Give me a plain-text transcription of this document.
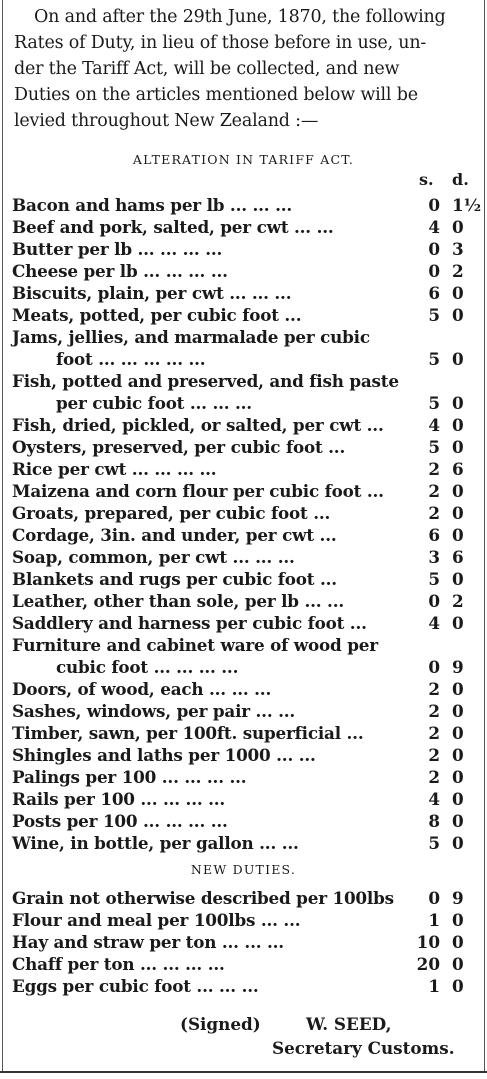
On and after the 29th June, 1870, the following
Rates of Duty, in lieu of those before in use, un-
der the Tariff Act, will be collected, and new
Duties on the articles mentioned below will be
levied throughout New Zealand :—
ALTERATION IN TARIFF ACT.
s. d.
Bacon and hams per lb ... ... ...	0 1½
Beef and pork, salted, per cwt ... ...	4 0
Butter per lb ... ... ... ...	0 3
Cheese per lb ... ... ... ...	0 2
Biscuits, plain, per cwt ... ... ...	6 0
Meats, potted, per cubic foot ...	5 0
Jams, jellies, and marmalade per cubic
foot ... ... ... ... ...	5 0
Fish, potted and preserved, and fish paste
per cubic foot ... ... ...	5 0
Fish, dried, pickled, or salted, per cwt ...	4 0
Oysters, preserved, per cubic foot ...	5 0
Rice per cwt ... ... ... ...	2 6
Maizena and corn flour per cubic foot ...	2 0
Groats, prepared, per cubic foot ...	2 0
Cordage, 3in. and under, per cwt ...	6 0
Soap, common, per cwt ... ... ...	3 6
Blankets and rugs per cubic foot ...	5 0
Leather, other than sole, per lb ... ...	0 2
Saddlery and harness per cubic foot ...	4 0
Furniture and cabinet ware of wood per
cubic foot ... ... ... ...	0 9
Doors, of wood, each ... ... ...	2 0
Sashes, windows, per pair ... ...	2 0
Timber, sawn, per 100ft. superficial ...	2 0
Shingles and laths per 1000 ... ...	2 0
Palings per 100 ... ... ... ...	2 0
Rails per 100 ... ... ... ...	4 0
Posts per 100 ... ... ... ...	8 0
Wine, in bottle, per gallon ... ...	5 0
NEW DUTIES.
Grain not otherwise described per 100lbs	0 9
Flour and meal per 100lbs ... ...	1 0
Hay and straw per ton ... ... ...	10 0
Chaff per ton ... ... ... ...	20 0
Eggs per cubic foot ... ... ...	1 0
(Signed)	W. SEED,
Secretary Customs.
